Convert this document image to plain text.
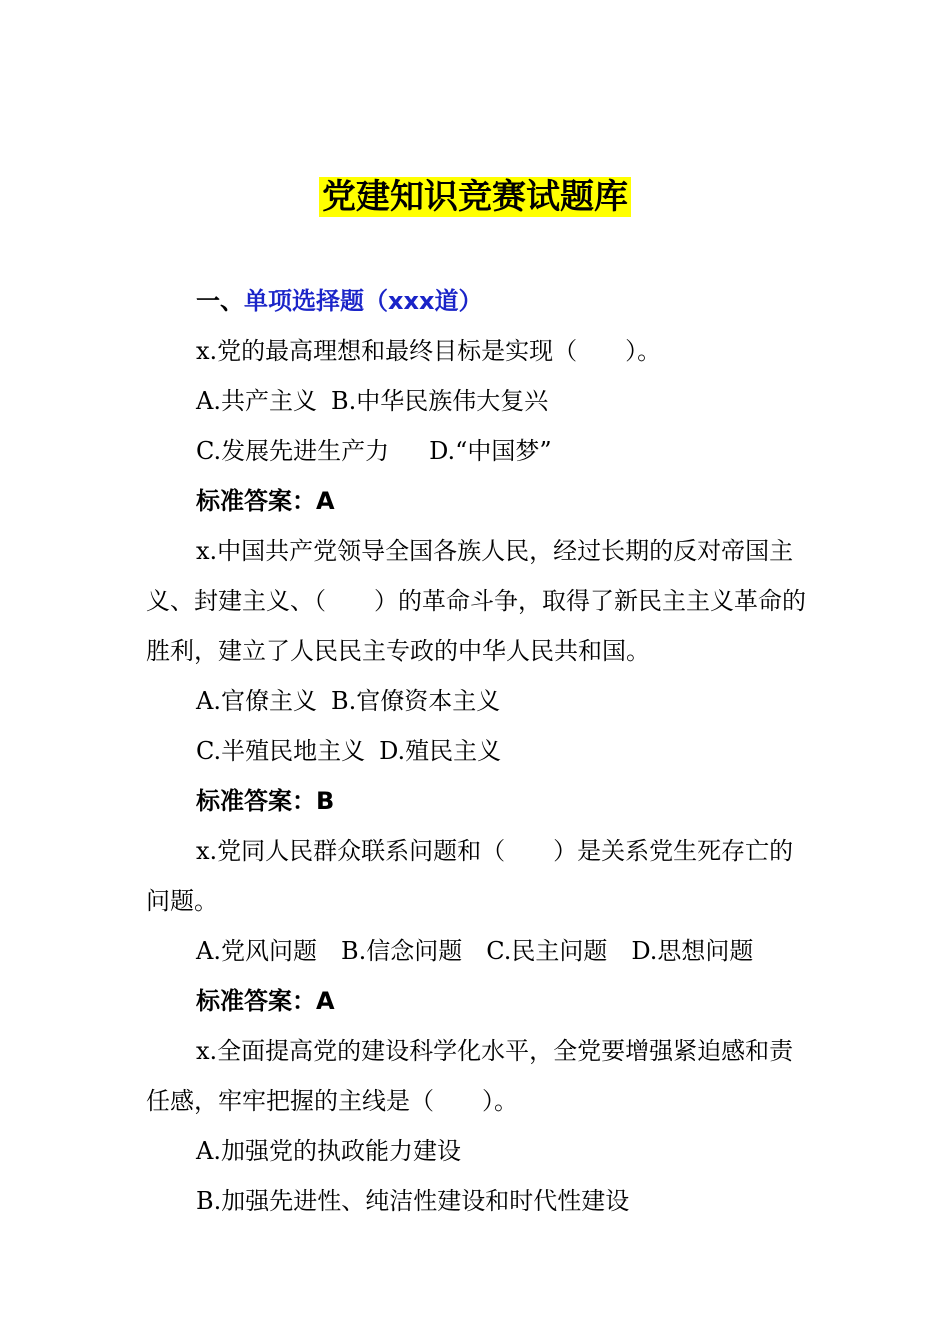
党建知识竞赛试题库

一、单项选择题（xxx道）

x.党的最高理想和最终目标是实现（　　）。

A.共产主义 B.中华民族伟大复兴

C.发展先进生产力 D.“中国梦”

标准答案：A

x.中国共产党领导全国各族人民，经过长期的反对帝国主义、封建主义、（　　）的革命斗争，取得了新民主主义革命的胜利，建立了人民民主专政的中华人民共和国。

A.官僚主义 B.官僚资本主义

C.半殖民地主义 D.殖民主义

标准答案：B

x.党同人民群众联系问题和（　　）是关系党生死存亡的问题。

A.党风问题 B.信念问题 C.民主问题 D.思想问题

标准答案：A

x.全面提高党的建设科学化水平，全党要增强紧迫感和责任感，牢牢把握的主线是（　　）。

A.加强党的执政能力建设

B.加强先进性、纯洁性建设和时代性建设
